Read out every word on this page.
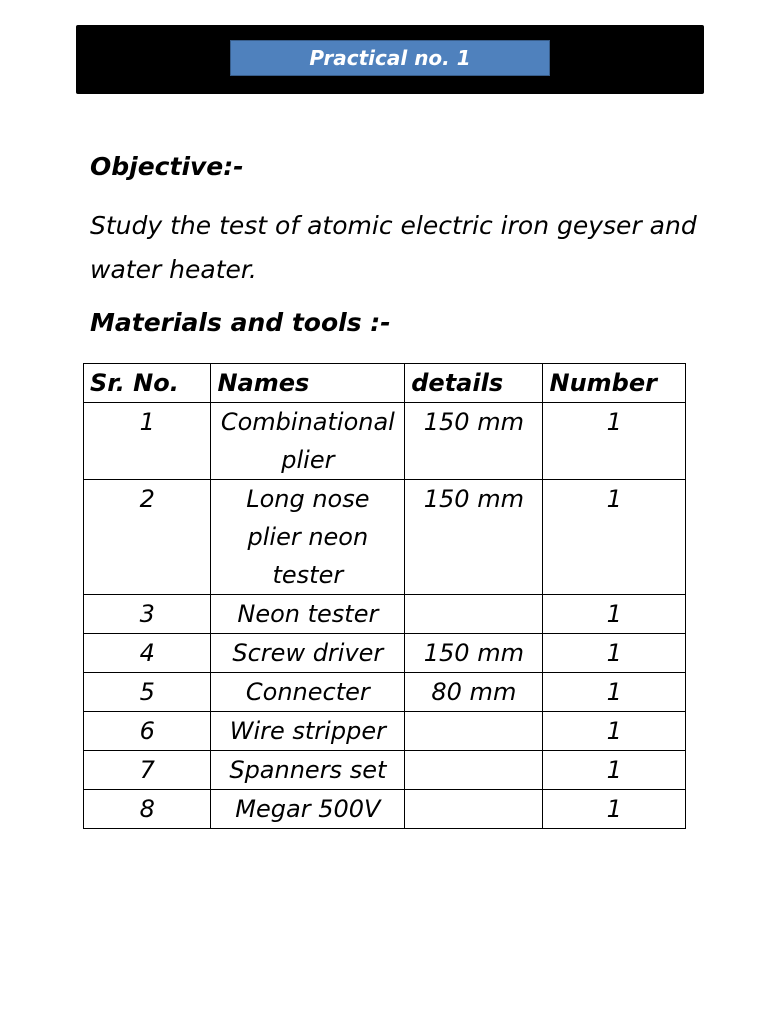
Practical no. 1
Objective:-

Study the test of atomic electric iron geyser and water heater.

Materials and tools :-
Sr. No.	Names	details	Number
1	Combinational plier	150 mm	1
2	Long nose plier neon tester	150 mm	1
3	Neon tester		1
4	Screw driver	150 mm	1
5	Connecter	80 mm	1
6	Wire stripper		1
7	Spanners set		1
8	Megar 500V		1
